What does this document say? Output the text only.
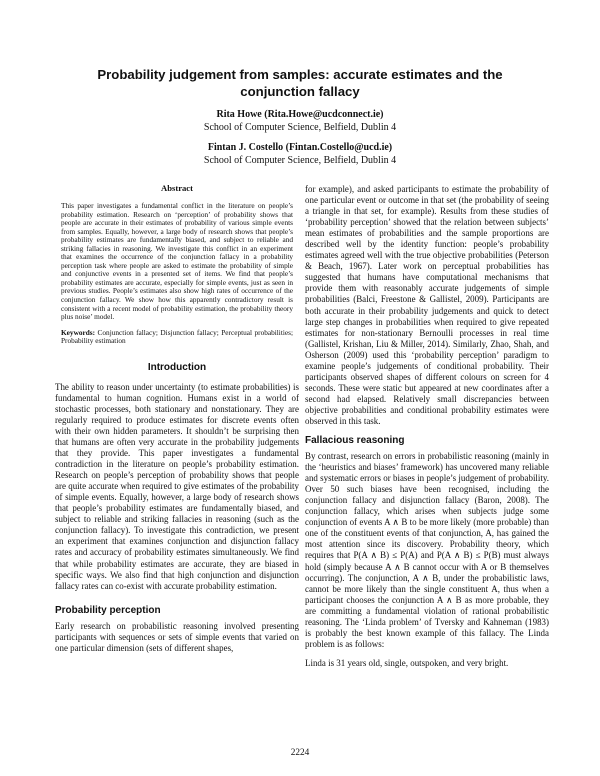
Probability judgement from samples: accurate estimates and the conjunction fallacy
Rita Howe (Rita.Howe@ucdconnect.ie)
School of Computer Science, Belfield, Dublin 4
Fintan J. Costello (Fintan.Costello@ucd.ie)
School of Computer Science, Belfield, Dublin 4
Abstract

This paper investigates a fundamental conflict in the literature on people’s probability estimation. Research on ‘perception’ of probability shows that people are accurate in their estimates of probability of various simple events from samples. Equally, however, a large body of research shows that people’s probability estimates are fundamentally biased, and subject to reliable and striking fallacies in reasoning. We investigate this conflict in an experiment that examines the occurrence of the conjunction fallacy in a probability perception task where people are asked to estimate the probability of simple and conjunctive events in a presented set of items. We find that people’s probability estimates are accurate, especially for simple events, just as seen in previous studies. People’s estimates also show high rates of occurrence of the conjunction fallacy. We show how this apparently contradictory result is consistent with a recent model of probability estimation, the probability theory plus noise’ model.

Keywords: Conjunction fallacy; Disjunction fallacy; Perceptual probabilities; Probability estimation

Introduction

The ability to reason under uncertainty (to estimate probabilities) is fundamental to human cognition. Humans exist in a world of stochastic processes, both stationary and nonstationary. They are regularly required to produce estimates for discrete events often with their own hidden parameters. It shouldn’t be surprising then that humans are often very accurate in the probability judgements that they provide. This paper investigates a fundamental contradiction in the literature on people’s probability estimation. Research on people’s perception of probability shows that people are quite accurate when required to give estimates of the probability of simple events. Equally, however, a large body of research shows that people’s probability estimates are fundamentally biased, and subject to reliable and striking fallacies in reasoning (such as the conjunction fallacy). To investigate this contradiction, we present an experiment that examines conjunction and disjunction fallacy rates and accuracy of probability estimates simultaneously. We find that while probability estimates are accurate, they are biased in specific ways. We also find that high conjunction and disjunction fallacy rates can co-exist with accurate probability estimation.

Probability perception

Early research on probabilistic reasoning involved presenting participants with sequences or sets of simple events that varied on one particular dimension (sets of different shapes,

for example), and asked participants to estimate the probability of one particular event or outcome in that set (the probability of seeing a triangle in that set, for example). Results from these studies of ‘probability perception’ showed that the relation between subjects’ mean estimates of probabilities and the sample proportions are described well by the identity function: people’s probability estimates agreed well with the true objective probabilities (Peterson & Beach, 1967). Later work on perceptual probabilities has suggested that humans have computational mechanisms that provide them with reasonably accurate judgements of simple probabilities (Balci, Freestone & Gallistel, 2009). Participants are both accurate in their probability judgements and quick to detect large step changes in probabilities when required to give repeated estimates for non-stationary Bernoulli processes in real time (Gallistel, Krishan, Liu & Miller, 2014). Similarly, Zhao, Shah, and Osherson (2009) used this ‘probability perception’ paradigm to examine people’s judgements of conditional probability. Their participants observed shapes of different colours on screen for 4 seconds. These were static but appeared at new coordinates after a second had elapsed. Relatively small discrepancies between objective probabilities and conditional probability estimates were observed in this task.

Fallacious reasoning

By contrast, research on errors in probabilistic reasoning (mainly in the ‘heuristics and biases’ framework) has uncovered many reliable and systematic errors or biases in people’s judgement of probability. Over 50 such biases have been recognised, including the conjunction fallacy and disjunction fallacy (Baron, 2008). The conjunction fallacy, which arises when subjects judge some conjunction of events A ∧ B to be more likely (more probable) than one of the constituent events of that conjunction, A, has gained the most attention since its discovery. Probability theory, which requires that P(A ∧ B) ≤ P(A) and P(A ∧ B) ≤ P(B) must always hold (simply because A ∧ B cannot occur with A or B themselves occurring). The conjunction, A ∧ B, under the probabilistic laws, cannot be more likely than the single constituent A, thus when a participant chooses the conjunction A ∧ B as more probable, they are committing a fundamental violation of rational probabilistic reasoning. The ‘Linda problem’ of Tversky and Kahneman (1983) is probably the best known example of this fallacy. The Linda problem is as follows:

Linda is 31 years old, single, outspoken, and very bright.

2224
